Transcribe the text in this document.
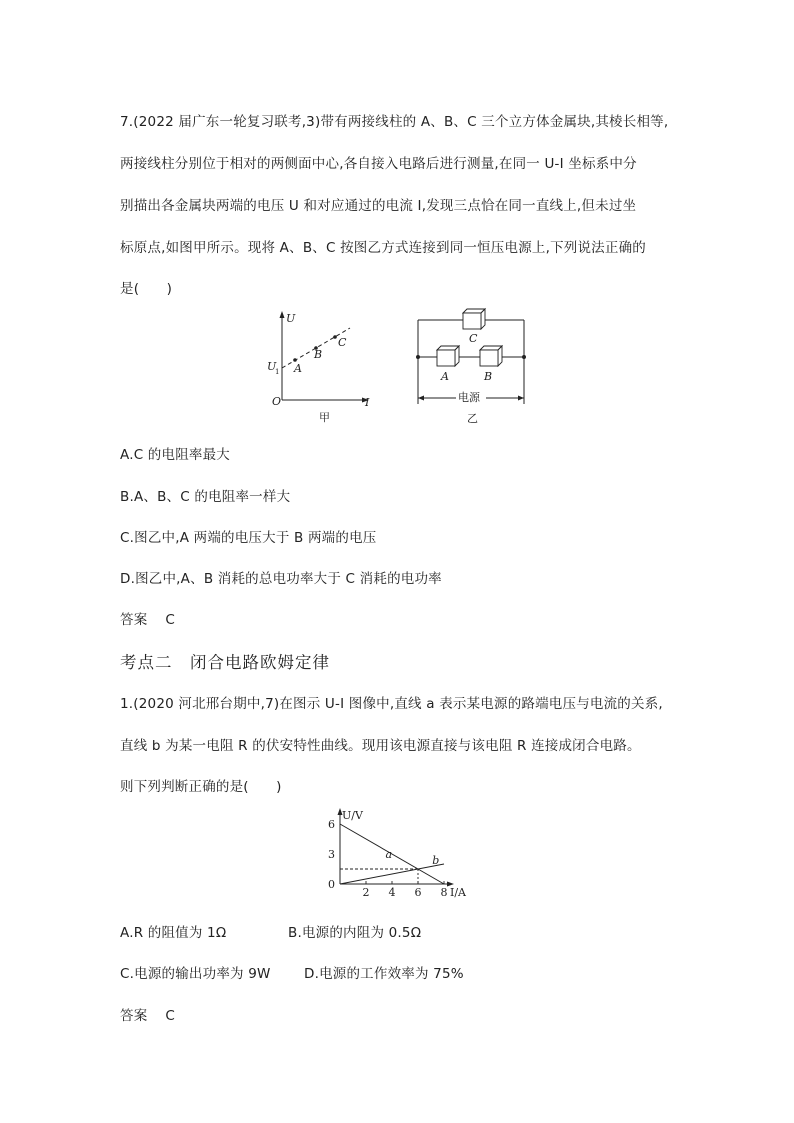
7.(2022 届广东一轮复习联考,3)带有两接线柱的 A、B、C 三个立方体金属块,其棱长相等,
两接线柱分别位于相对的两侧面中心,各自接入电路后进行测量,在同一 U-I 坐标系中分
别描出各金属块两端的电压 U 和对应通过的电流 I,发现三点恰在同一直线上,但未过坐
标原点,如图甲所示。现将 A、B、C 按图乙方式连接到同一恒压电源上,下列说法正确的
是(　　)
U
I
O
U
1 A
B
C
甲
C
A	B
电源
乙
A.C 的电阻率最大
B.A、B、C 的电阻率一样大
C.图乙中,A 两端的电压大于 B 两端的电压
D.图乙中,A、B 消耗的总电功率大于 C 消耗的电功率
答案 C
考点二　闭合电路欧姆定律
1.(2020 河北邢台期中,7)在图示 U-I 图像中,直线 a 表示某电源的路端电压与电流的关系,
直线 b 为某一电阻 R 的伏安特性曲线。现用该电源直接与该电阻 R 连接成闭合电路。
则下列判断正确的是(　　)
a	b
2 4 6 8
6
3
0
U/V
I/A
A.R 的阻值为 1Ω	B.电源的内阻为 0.5Ω
C.电源的输出功率为 9W D.电源的工作效率为 75%
答案 C
